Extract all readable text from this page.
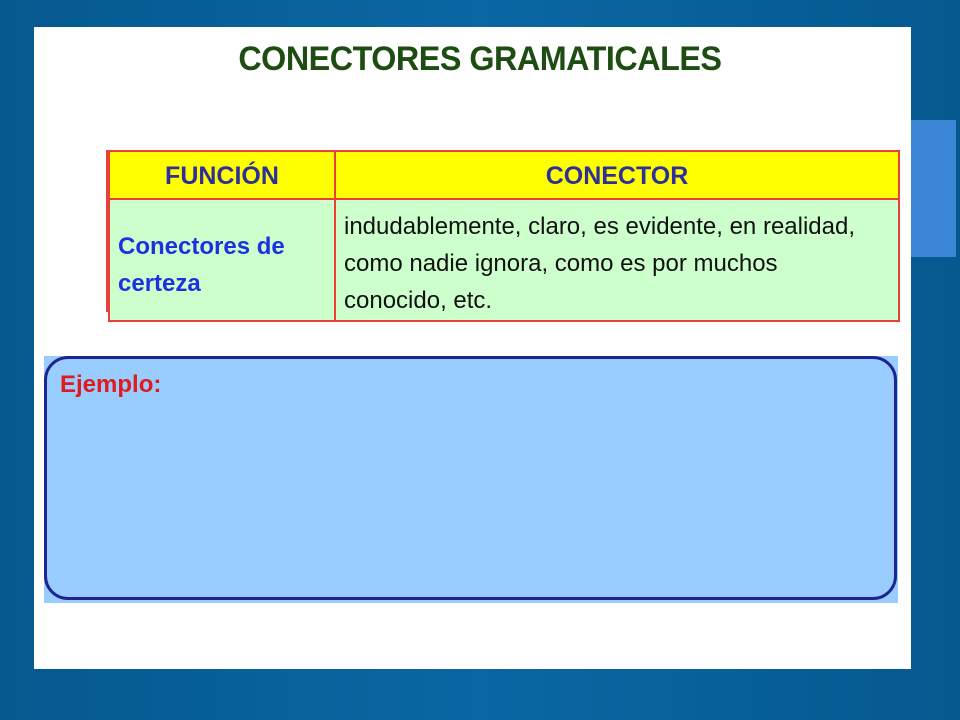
CONECTORES GRAMATICALES
FUNCIÓN	CONECTOR
Conectores de certeza
indudablemente, claro, es evidente, en realidad, como nadie ignora, como es por muchos conocido, etc.
Ejemplo:
